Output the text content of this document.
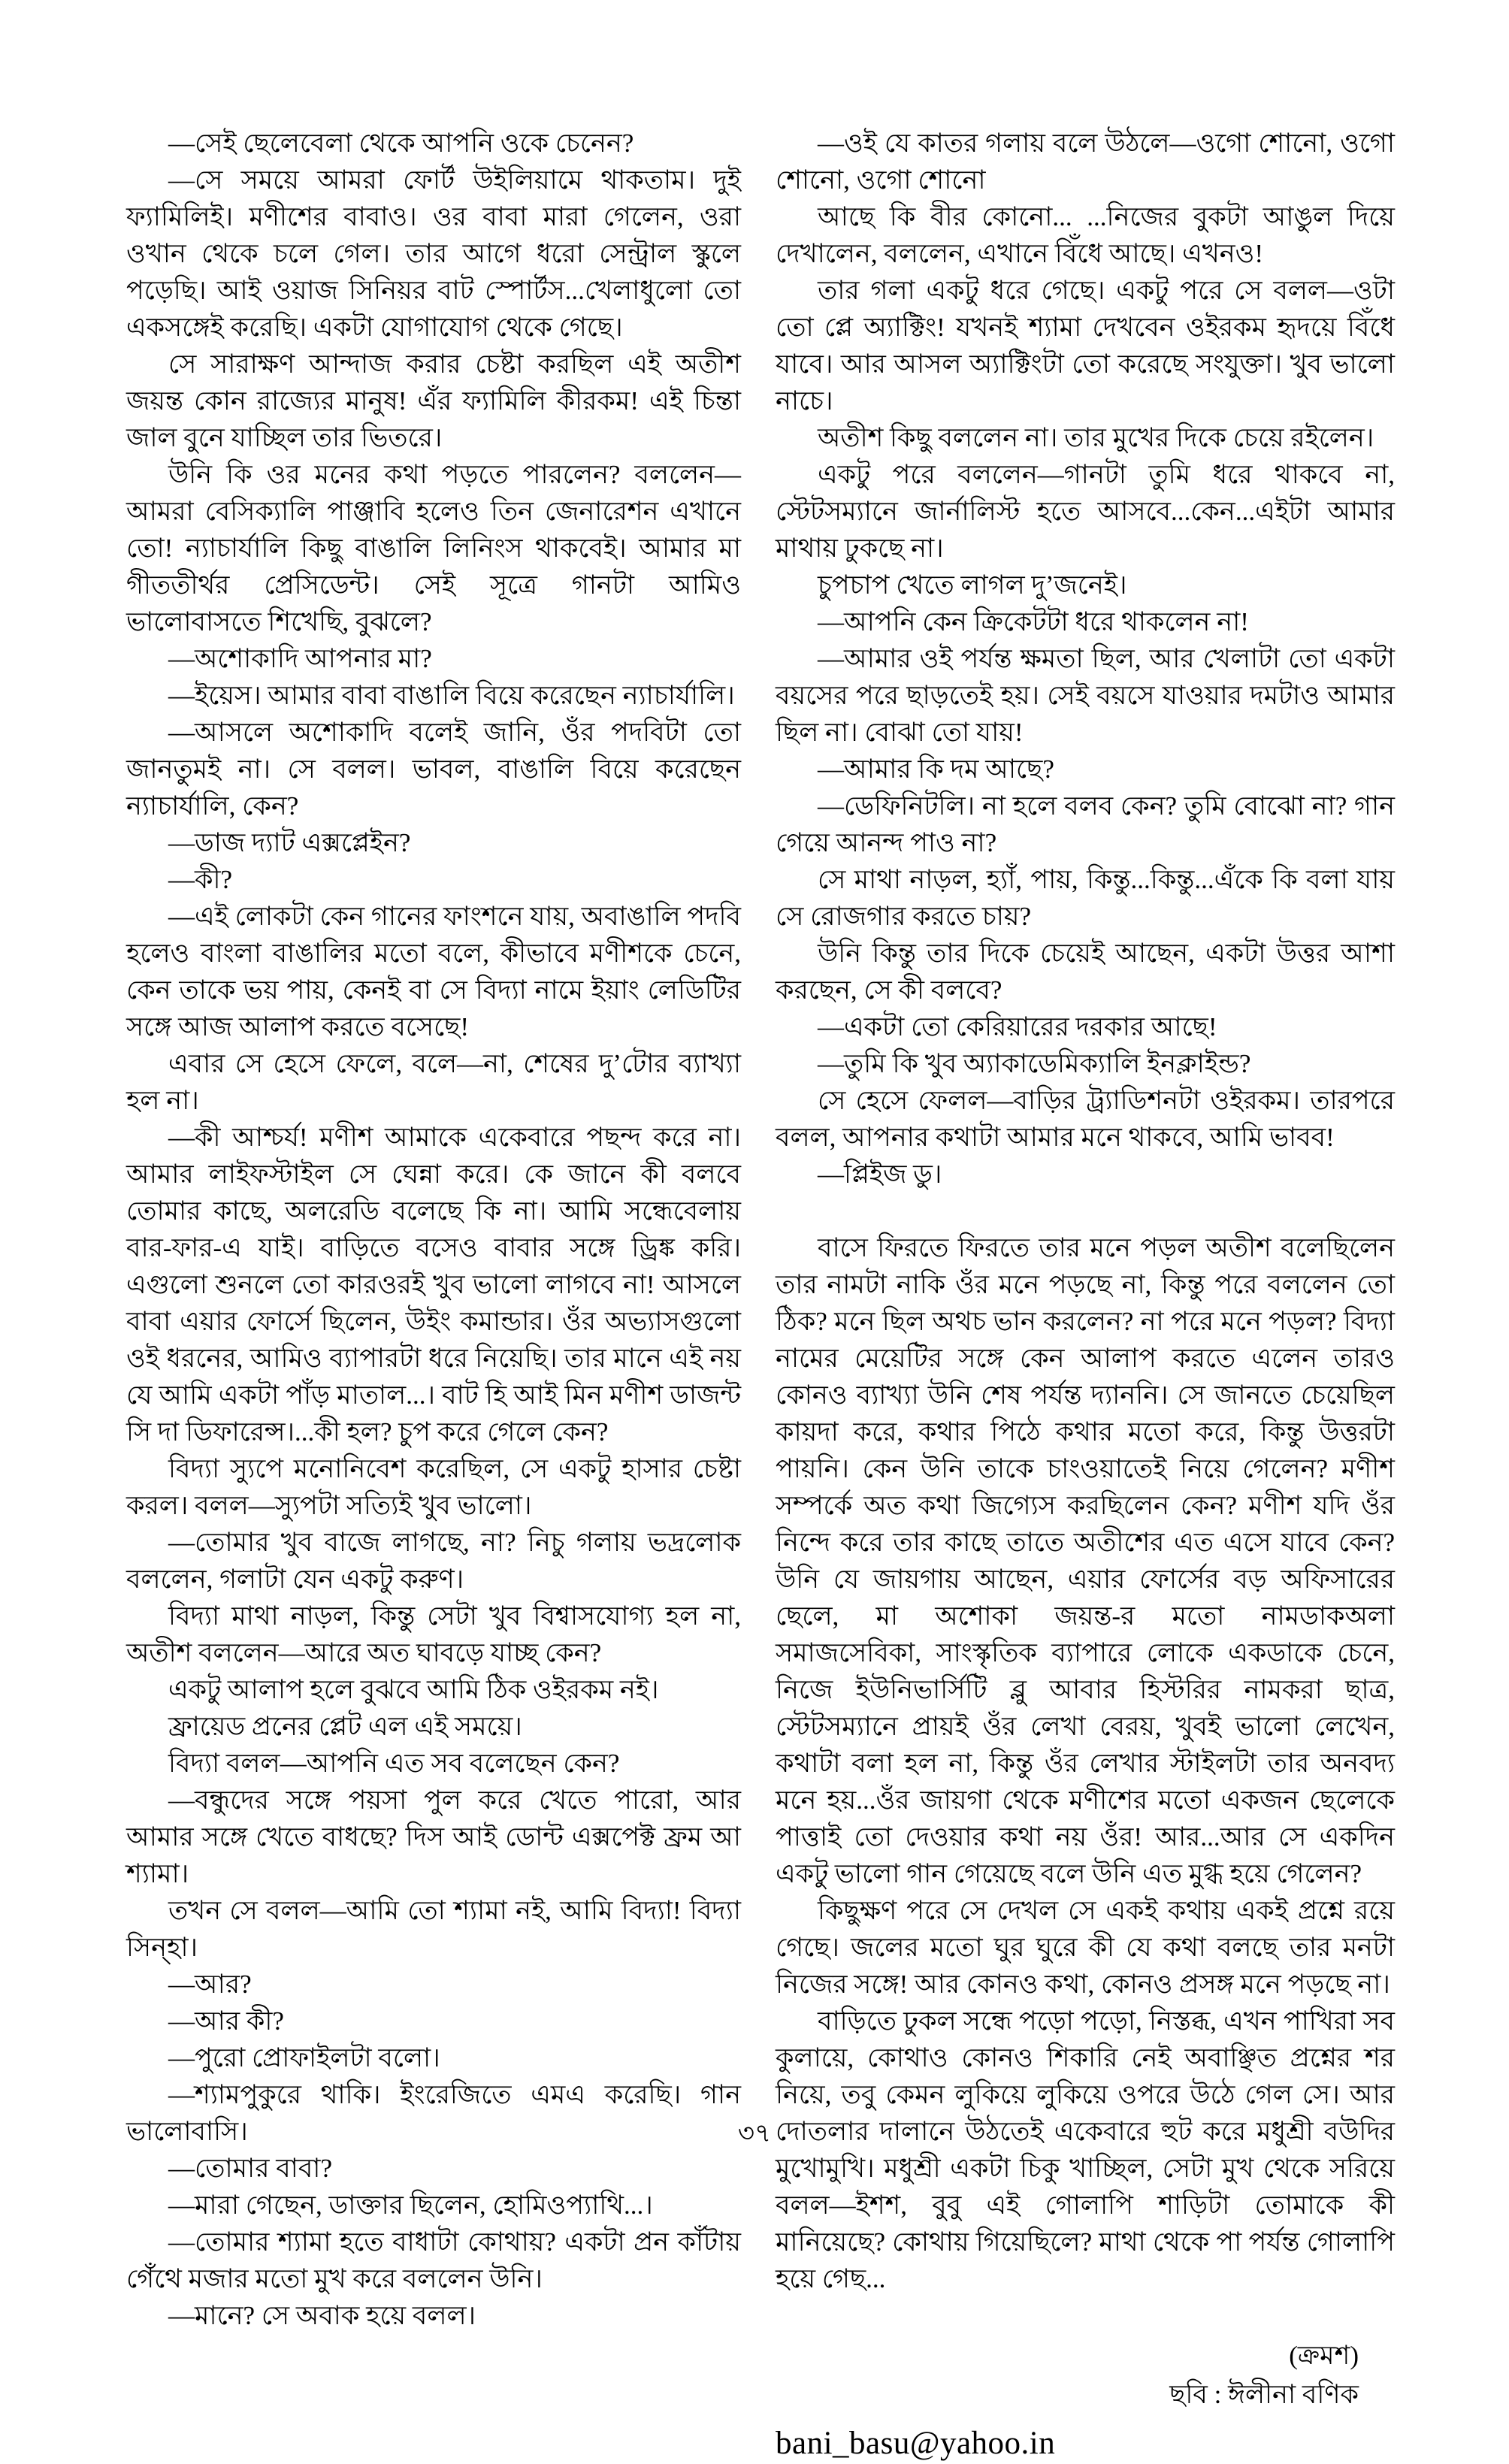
—সেই ছেলেবেলা থেকে আপনি ওকে চেনেন?

—সে সময়ে আমরা ফোর্ট উইলিয়ামে থাকতাম। দুই ফ্যামিলিই। মণীশের বাবাও। ওর বাবা মারা গেলেন, ওরা ওখান থেকে চলে গেল। তার আগে ধরো সেন্ট্রাল স্কুলে পড়েছি। আই ওয়াজ সিনিয়র বাট স্পোর্টস...খেলাধুলো তো একসঙ্গেই করেছি। একটা যোগাযোগ থেকে গেছে।

সে সারাক্ষণ আন্দাজ করার চেষ্টা করছিল এই অতীশ জয়ন্ত কোন রাজ্যের মানুষ! এঁর ফ্যামিলি কীরকম! এই চিন্তা জাল বুনে যাচ্ছিল তার ভিতরে।

উনি কি ওর মনের কথা পড়তে পারলেন? বললেন—আমরা বেসিক্যালি পাঞ্জাবি হলেও তিন জেনারেশন এখানে তো! ন্যাচার্যালি কিছু বাঙালি লিনিংস থাকবেই। আমার মা গীততীর্থর প্রেসিডেন্ট। সেই সূত্রে গানটা আমিও ভালোবাসতে শিখেছি, বুঝলে?

—অশোকাদি আপনার মা?

—ইয়েস। আমার বাবা বাঙালি বিয়ে করেছেন ন্যাচার্যালি।

—আসলে অশোকাদি বলেই জানি, ওঁর পদবিটা তো জানতুমই না। সে বলল। ভাবল, বাঙালি বিয়ে করেছেন ন্যাচার্যালি, কেন?

—ডাজ দ্যাট এক্সপ্লেইন?

—কী?

—এই লোকটা কেন গানের ফাংশনে যায়, অবাঙালি পদবি হলেও বাংলা বাঙালির মতো বলে, কীভাবে মণীশকে চেনে, কেন তাকে ভয় পায়, কেনই বা সে বিদ্যা নামে ইয়াং লেডিটির সঙ্গে আজ আলাপ করতে বসেছে!

এবার সে হেসে ফেলে, বলে—না, শেষের দু’টোর ব্যাখ্যা হল না।

—কী আশ্চর্য! মণীশ আমাকে একেবারে পছন্দ করে না। আমার লাইফস্টাইল সে ঘেন্না করে। কে জানে কী বলবে তোমার কাছে, অলরেডি বলেছে কি না। আমি সন্ধেবেলায় বার-ফার-এ যাই। বাড়িতে বসেও বাবার সঙ্গে ড্রিঙ্ক করি। এগুলো শুনলে তো কারওরই খুব ভালো লাগবে না! আসলে বাবা এয়ার ফোর্সে ছিলেন, উইং কমান্ডার। ওঁর অভ্যাসগুলো ওই ধরনের, আমিও ব্যাপারটা ধরে নিয়েছি। তার মানে এই নয় যে আমি একটা পাঁড় মাতাল...। বাট হি আই মিন মণীশ ডাজন্ট সি দা ডিফারেন্স।...কী হল? চুপ করে গেলে কেন?

বিদ্যা স্যুপে মনোনিবেশ করেছিল, সে একটু হাসার চেষ্টা করল। বলল—স্যুপটা সত্যিই খুব ভালো।

—তোমার খুব বাজে লাগছে, না? নিচু গলায় ভদ্রলোক বললেন, গলাটা যেন একটু করুণ।

বিদ্যা মাথা নাড়ল, কিন্তু সেটা খুব বিশ্বাসযোগ্য হল না, অতীশ বললেন—আরে অত ঘাবড়ে যাচ্ছ কেন?

একটু আলাপ হলে বুঝবে আমি ঠিক ওইরকম নই।

ফ্রায়েড প্রনের প্লেট এল এই সময়ে।

বিদ্যা বলল—আপনি এত সব বলেছেন কেন?

—বন্ধুদের সঙ্গে পয়সা পুল করে খেতে পারো, আর আমার সঙ্গে খেতে বাধছে? দিস আই ডোন্ট এক্সপেক্ট ফ্রম আ শ্যামা।

তখন সে বলল—আমি তো শ্যামা নই, আমি বিদ্যা! বিদ্যা সিন্হা।

—আর?

—আর কী?

—পুরো প্রোফাইলটা বলো।

—শ্যামপুকুরে থাকি। ইংরেজিতে এমএ করেছি। গান ভালোবাসি।

—তোমার বাবা?

—মারা গেছেন, ডাক্তার ছিলেন, হোমিওপ্যাথি...।

—তোমার শ্যামা হতে বাধাটা কোথায়? একটা প্রন কাঁটায় গেঁথে মজার মতো মুখ করে বললেন উনি।

—মানে? সে অবাক হয়ে বলল।

—ওই যে কাতর গলায় বলে উঠলে—ওগো শোনো, ওগো শোনো, ওগো শোনো

আছে কি বীর কোনো... ...নিজের বুকটা আঙুল দিয়ে দেখালেন, বললেন, এখানে বিঁধে আছে। এখনও!

তার গলা একটু ধরে গেছে। একটু পরে সে বলল—ওটা তো প্লে অ্যাক্টিং! যখনই শ্যামা দেখবেন ওইরকম হৃদয়ে বিঁধে যাবে। আর আসল অ্যাক্টিংটা তো করেছে সংযুক্তা। খুব ভালো নাচে।

অতীশ কিছু বললেন না। তার মুখের দিকে চেয়ে রইলেন।

একটু পরে বললেন—গানটা তুমি ধরে থাকবে না, স্টেটসম্যানে জার্নালিস্ট হতে আসবে...কেন...এইটা আমার মাথায় ঢুকছে না।

চুপচাপ খেতে লাগল দু’জনেই।

—আপনি কেন ক্রিকেটটা ধরে থাকলেন না!

—আমার ওই পর্যন্ত ক্ষমতা ছিল, আর খেলাটা তো একটা বয়সের পরে ছাড়তেই হয়। সেই বয়সে যাওয়ার দমটাও আমার ছিল না। বোঝা তো যায়!

—আমার কি দম আছে?

—ডেফিনিটলি। না হলে বলব কেন? তুমি বোঝো না? গান গেয়ে আনন্দ পাও না?

সে মাথা নাড়ল, হ্যাঁ, পায়, কিন্তু...কিন্তু...এঁকে কি বলা যায় সে রোজগার করতে চায়?

উনি কিন্তু তার দিকে চেয়েই আছেন, একটা উত্তর আশা করছেন, সে কী বলবে?

—একটা তো কেরিয়ারের দরকার আছে!

—তুমি কি খুব অ্যাকাডেমিক্যালি ইনক্লাইন্ড?

সে হেসে ফেলল—বাড়ির ট্র্যাডিশনটা ওইরকম। তারপরে বলল, আপনার কথাটা আমার মনে থাকবে, আমি ভাবব!

—প্লিইজ ডু।

বাসে ফিরতে ফিরতে তার মনে পড়ল অতীশ বলেছিলেন তার নামটা নাকি ওঁর মনে পড়ছে না, কিন্তু পরে বললেন তো ঠিক? মনে ছিল অথচ ভান করলেন? না পরে মনে পড়ল? বিদ্যা নামের মেয়েটির সঙ্গে কেন আলাপ করতে এলেন তারও কোনও ব্যাখ্যা উনি শেষ পর্যন্ত দ্যাননি। সে জানতে চেয়েছিল কায়দা করে, কথার পিঠে কথার মতো করে, কিন্তু উত্তরটা পায়নি। কেন উনি তাকে চাংওয়াতেই নিয়ে গেলেন? মণীশ সম্পর্কে অত কথা জিগ্যেস করছিলেন কেন? মণীশ যদি ওঁর নিন্দে করে তার কাছে তাতে অতীশের এত এসে যাবে কেন? উনি যে জায়গায় আছেন, এয়ার ফোর্সের বড় অফিসারের ছেলে, মা অশোকা জয়ন্ত-র মতো নামডাকঅলা সমাজসেবিকা, সাংস্কৃতিক ব্যাপারে লোকে একডাকে চেনে, নিজে ইউনিভার্সিটি ব্লু আবার হিস্টরির নামকরা ছাত্র, স্টেটসম্যানে প্রায়ই ওঁর লেখা বেরয়, খুবই ভালো লেখেন, কথাটা বলা হল না, কিন্তু ওঁর লেখার স্টাইলটা তার অনবদ্য মনে হয়...ওঁর জায়গা থেকে মণীশের মতো একজন ছেলেকে পাত্তাই তো দেওয়ার কথা নয় ওঁর! আর...আর সে একদিন একটু ভালো গান গেয়েছে বলে উনি এত মুগ্ধ হয়ে গেলেন?

কিছুক্ষণ পরে সে দেখল সে একই কথায় একই প্রশ্নে রয়ে গেছে। জলের মতো ঘুর ঘুরে কী যে কথা বলছে তার মনটা নিজের সঙ্গে! আর কোনও কথা, কোনও প্রসঙ্গ মনে পড়ছে না।

বাড়িতে ঢুকল সন্ধে পড়ো পড়ো, নিস্তব্ধ, এখন পাখিরা সব কুলায়ে, কোথাও কোনও শিকারি নেই অবাঞ্ছিত প্রশ্নের শর নিয়ে, তবু কেমন লুকিয়ে লুকিয়ে ওপরে উঠে গেল সে। আর দোতলার দালানে উঠতেই একেবারে হুট করে মধুশ্রী বউদির মুখোমুখি। মধুশ্রী একটা চিকু খাচ্ছিল, সেটা মুখ থেকে সরিয়ে বলল—ইশশ, বুবু এই গোলাপি শাড়িটা তোমাকে কী মানিয়েছে? কোথায় গিয়েছিলে? মাথা থেকে পা পর্যন্ত গোলাপি হয়ে গেছ...

(ক্রমশ)
ছবি : ঈলীনা বণিক
bani_basu@yahoo.in
৩৭
